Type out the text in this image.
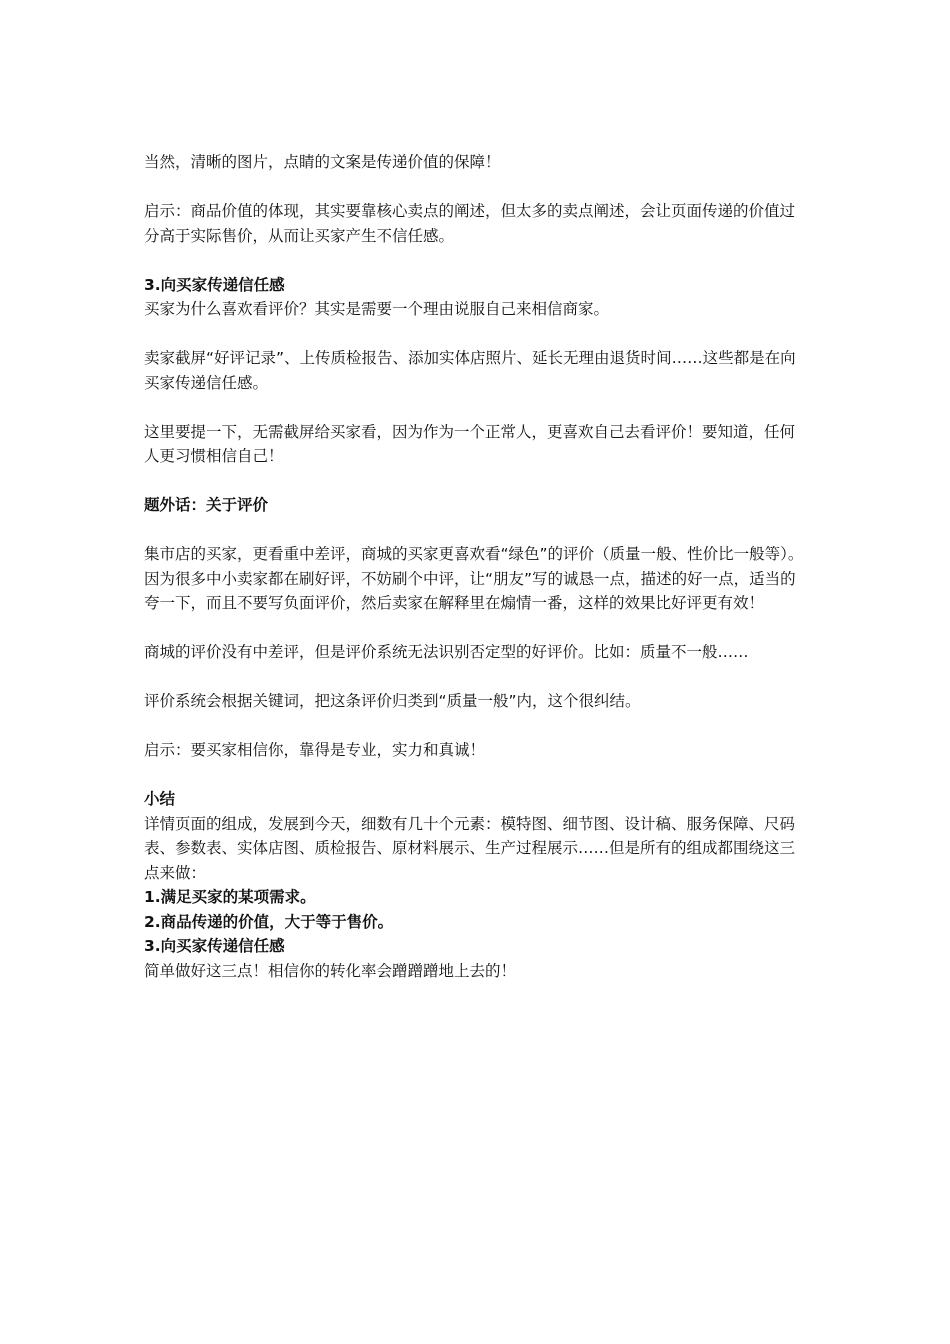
当然，清晰的图片，点睛的文案是传递价值的保障！

启示：商品价值的体现，其实要靠核心卖点的阐述，但太多的卖点阐述，会让页面传递的价值过分高于实际售价，从而让买家产生不信任感。

3.向买家传递信任感

买家为什么喜欢看评价？其实是需要一个理由说服自己来相信商家。

卖家截屏“好评记录”、上传质检报告、添加实体店照片、延长无理由退货时间……这些都是在向买家传递信任感。

这里要提一下，无需截屏给买家看，因为作为一个正常人，更喜欢自己去看评价！要知道，任何人更习惯相信自己！

题外话：关于评价

集市店的买家，更看重中差评，商城的买家更喜欢看“绿色”的评价（质量一般、性价比一般等）。因为很多中小卖家都在刷好评，不妨刷个中评，让“朋友”写的诚恳一点，描述的好一点，适当的夸一下，而且不要写负面评价，然后卖家在解释里在煽情一番，这样的效果比好评更有效！

商城的评价没有中差评，但是评价系统无法识别否定型的好评价。比如：质量不一般……

评价系统会根据关键词，把这条评价归类到“质量一般”内，这个很纠结。

启示：要买家相信你，靠得是专业，实力和真诚！

小结

详情页面的组成，发展到今天，细数有几十个元素：模特图、细节图、设计稿、服务保障、尺码表、参数表、实体店图、质检报告、原材料展示、生产过程展示……但是所有的组成都围绕这三点来做：

1.满足买家的某项需求。

2.商品传递的价值，大于等于售价。

3.向买家传递信任感

简单做好这三点！相信你的转化率会蹭蹭蹭地上去的！
